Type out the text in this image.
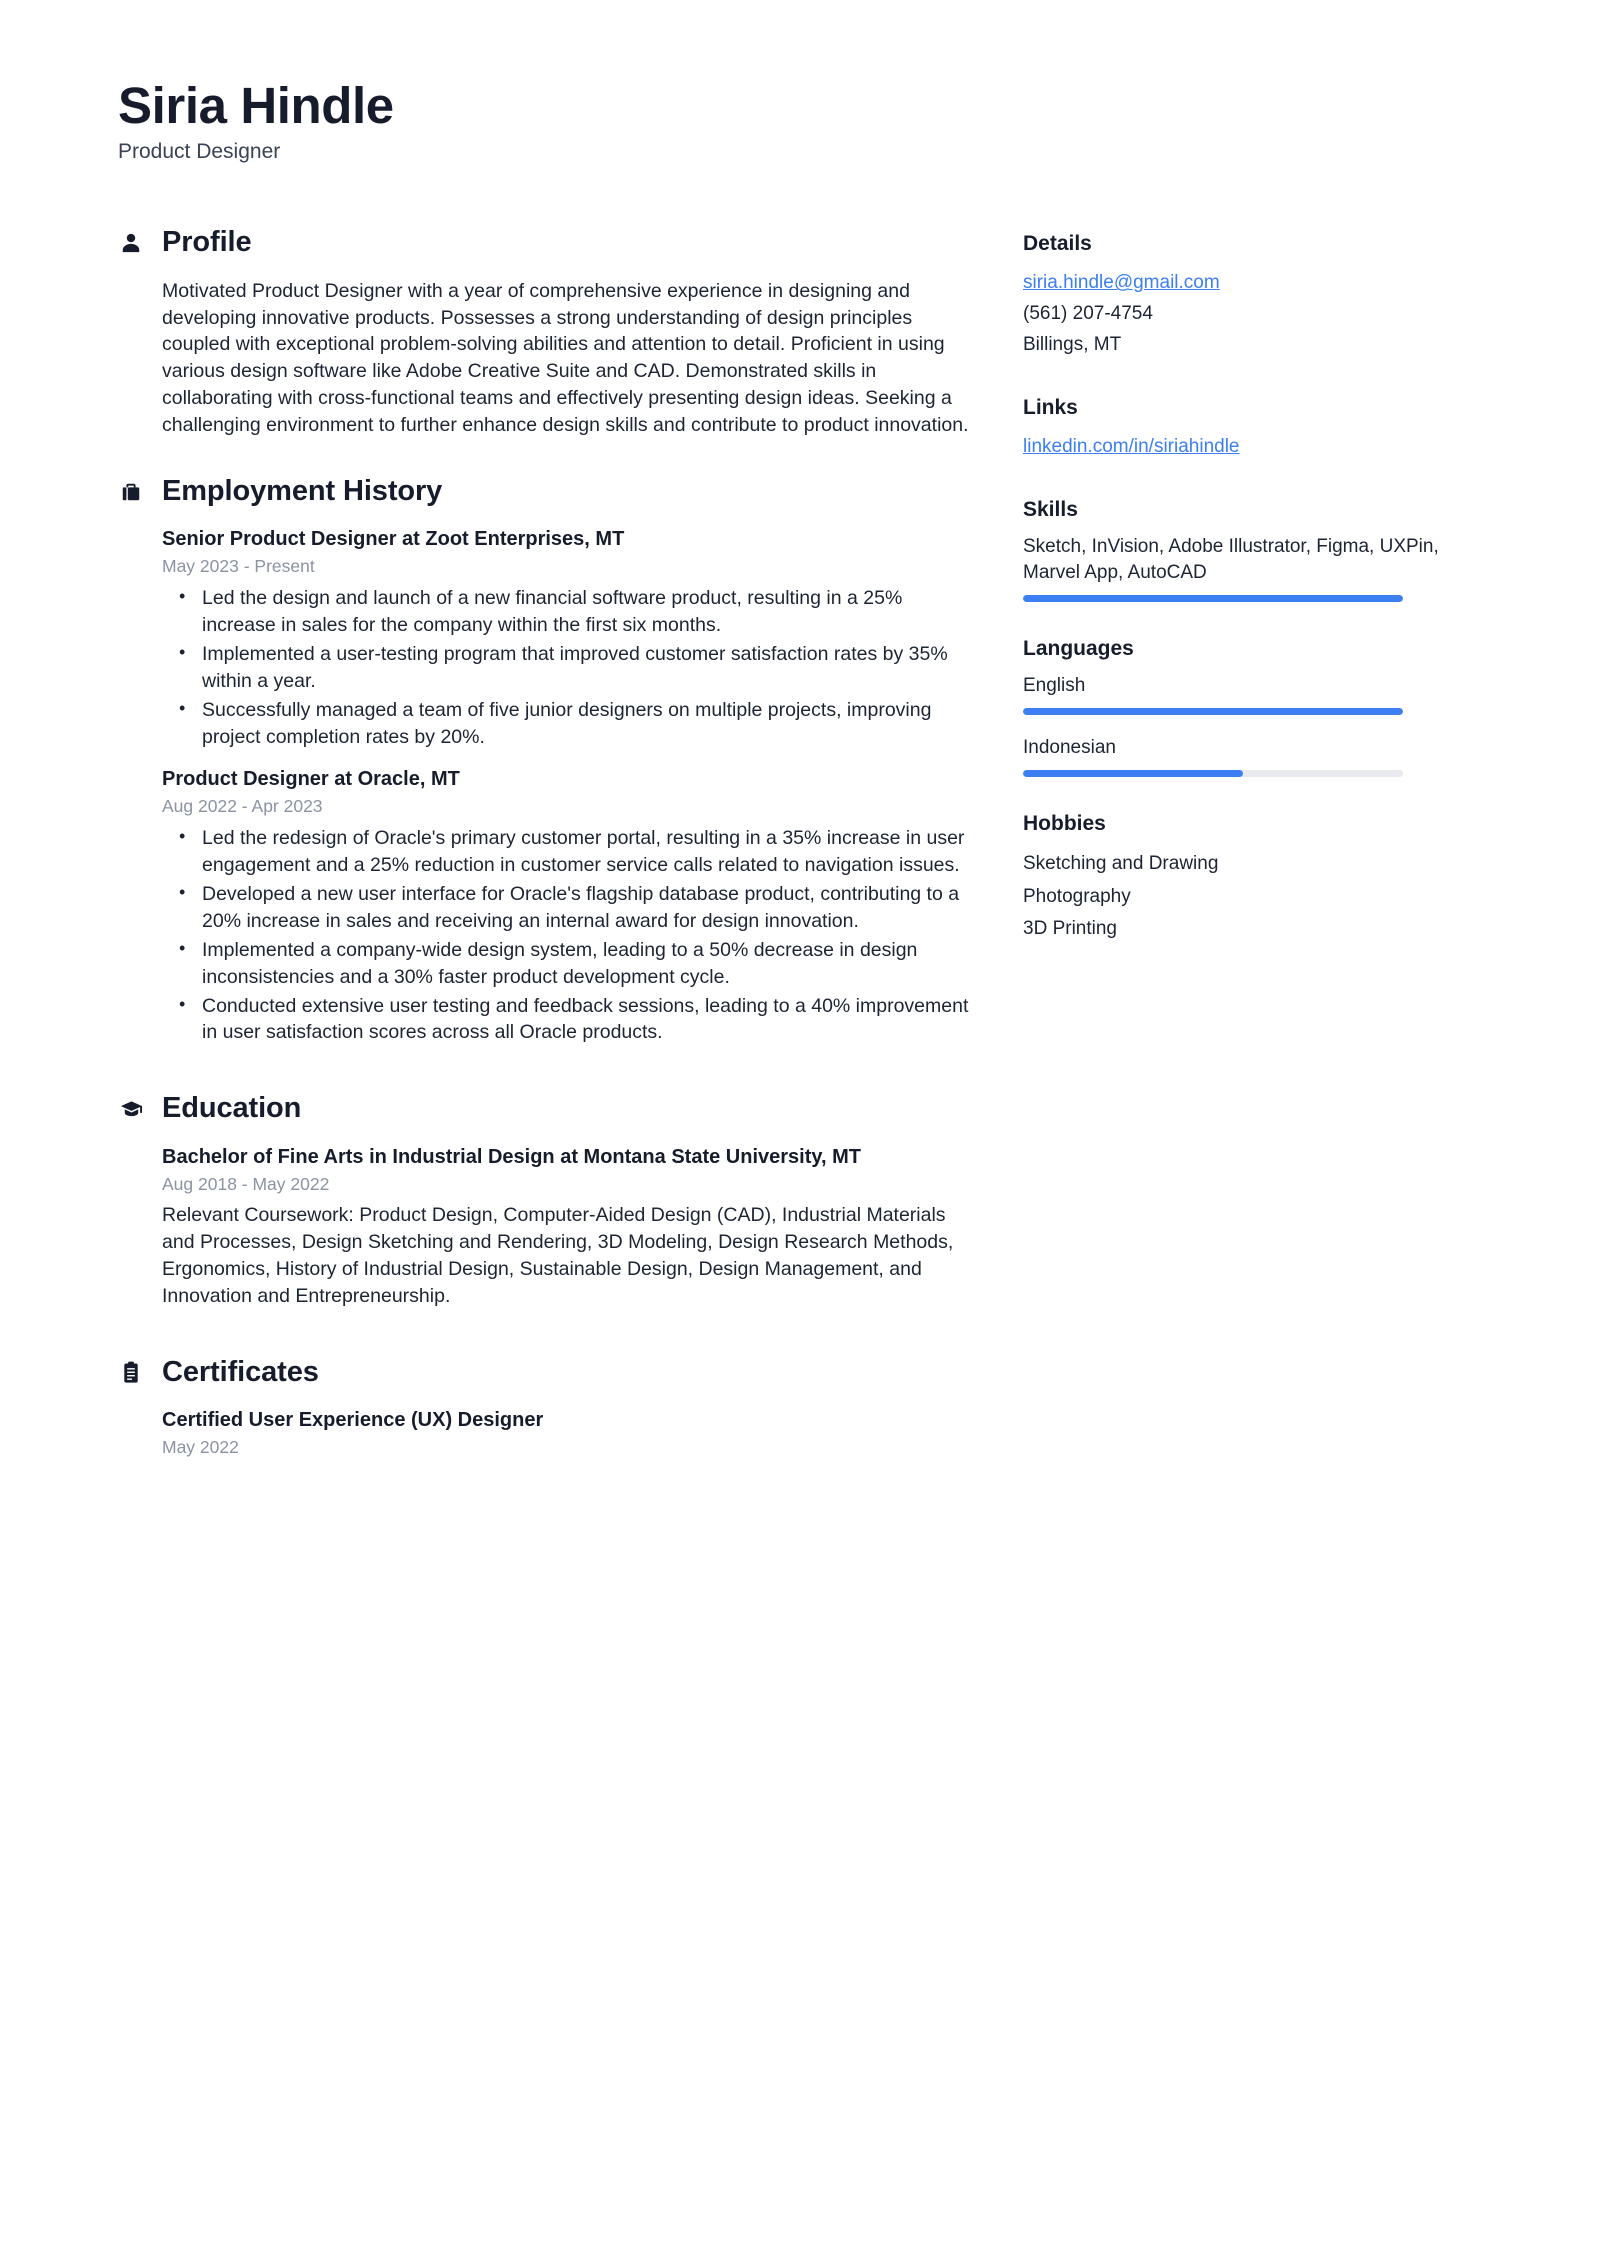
Siria Hindle
Product Designer
Profile

Motivated Product Designer with a year of comprehensive experience in designing and developing innovative products. Possesses a strong understanding of design principles coupled with exceptional problem-solving abilities and attention to detail. Proficient in using various design software like Adobe Creative Suite and CAD. Demonstrated skills in collaborating with cross-functional teams and effectively presenting design ideas. Seeking a challenging environment to further enhance design skills and contribute to product innovation.

Employment History
Senior Product Designer at Zoot Enterprises, MT
May 2023 - Present
• Led the design and launch of a new financial software product, resulting in a 25% increase in sales for the company within the first six months.
• Implemented a user-testing program that improved customer satisfaction rates by 35% within a year.
• Successfully managed a team of five junior designers on multiple projects, improving project completion rates by 20%.
Product Designer at Oracle, MT
Aug 2022 - Apr 2023
• Led the redesign of Oracle's primary customer portal, resulting in a 35% increase in user engagement and a 25% reduction in customer service calls related to navigation issues.
• Developed a new user interface for Oracle's flagship database product, contributing to a 20% increase in sales and receiving an internal award for design innovation.
• Implemented a company-wide design system, leading to a 50% decrease in design inconsistencies and a 30% faster product development cycle.
• Conducted extensive user testing and feedback sessions, leading to a 40% improvement in user satisfaction scores across all Oracle products.
Education
Bachelor of Fine Arts in Industrial Design at Montana State University, MT
Aug 2018 - May 2022

Relevant Coursework: Product Design, Computer-Aided Design (CAD), Industrial Materials and Processes, Design Sketching and Rendering, 3D Modeling, Design Research Methods, Ergonomics, History of Industrial Design, Sustainable Design, Design Management, and Innovation and Entrepreneurship.

Certificates
Certified User Experience (UX) Designer
May 2022
Details
siria.hindle@gmail.com
(561) 207-4754
Billings, MT
Links
linkedin.com/in/siriahindle
Skills
Sketch, InVision, Adobe Illustrator, Figma, UXPin, Marvel App, AutoCAD
Languages
English
Indonesian
Hobbies
Sketching and Drawing
Photography
3D Printing
